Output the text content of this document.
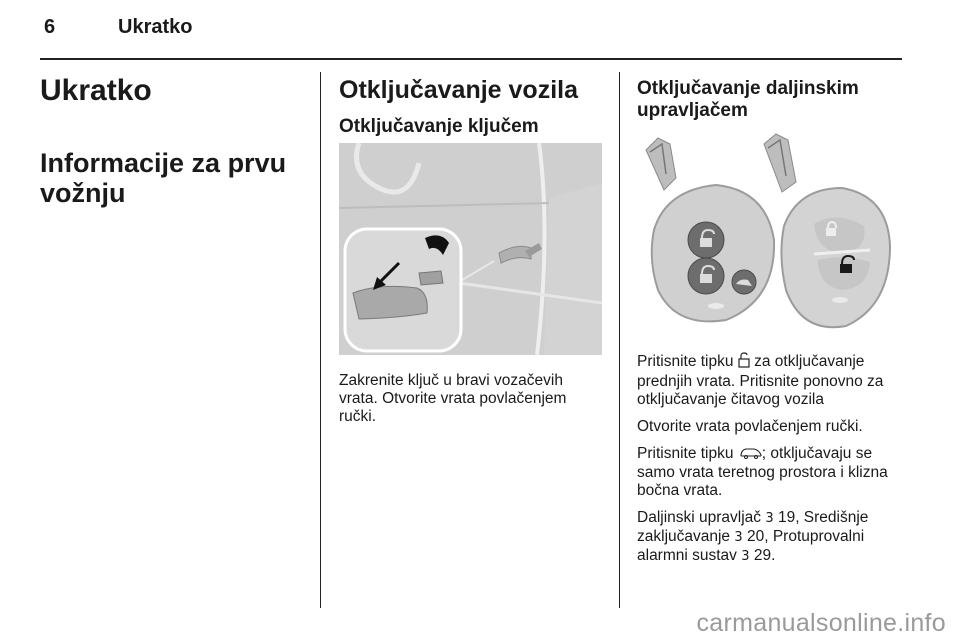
6	Ukratko
Ukratko
Informacije za prvu
vožnju
Otključavanje vozila
Otključavanje ključem
Zakrenite ključ u bravi vozačevih
vrata. Otvorite vrata povlačenjem
ručki.
Otključavanje daljinskim
upravljačem

Pritisnite tipku za otključavanje
prednjih vrata. Pritisnite ponovno za
otključavanje čitavog vozila

Otvorite vrata povlačenjem ručki.

Pritisnite tipku ; otključavaju se
samo vrata teretnog prostora i klizna
bočna vrata.

Daljinski upravljač 3 19, Središnje
zaključavanje 3 20, Protuprovalni
alarmni sustav 3 29.

carmanualsonline.info
